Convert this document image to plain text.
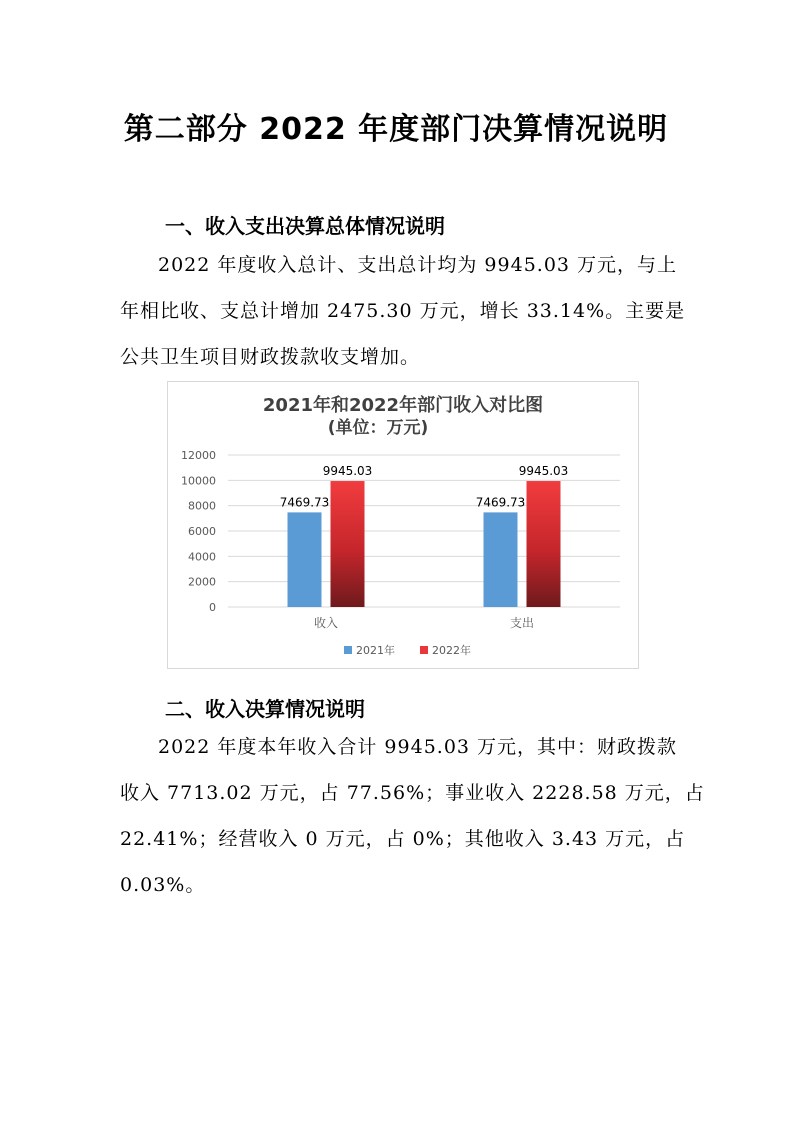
第二部分 2022 年度部门决算情况说明
一、收入支出决算总体情况说明
2022 年度收入总计、支出总计均为 9945.03 万元，与上
年相比收、支总计增加 2475.30 万元，增长 33.14%。主要是
公共卫生项目财政拨款收支增加。
2021年和2022年部门收入对比图
(单位：万元)
0
2000
4000
6000
8000
10000
12000
7469.73
9945.03
收入
7469.73
9945.03
支出
2021年	2022年
二、收入决算情况说明
2022 年度本年收入合计 9945.03 万元，其中：财政拨款
收入 7713.02 万元，占 77.56%；事业收入 2228.58 万元，占
22.41%；经营收入 0 万元，占 0%；其他收入 3.43 万元，占
0.03%。
